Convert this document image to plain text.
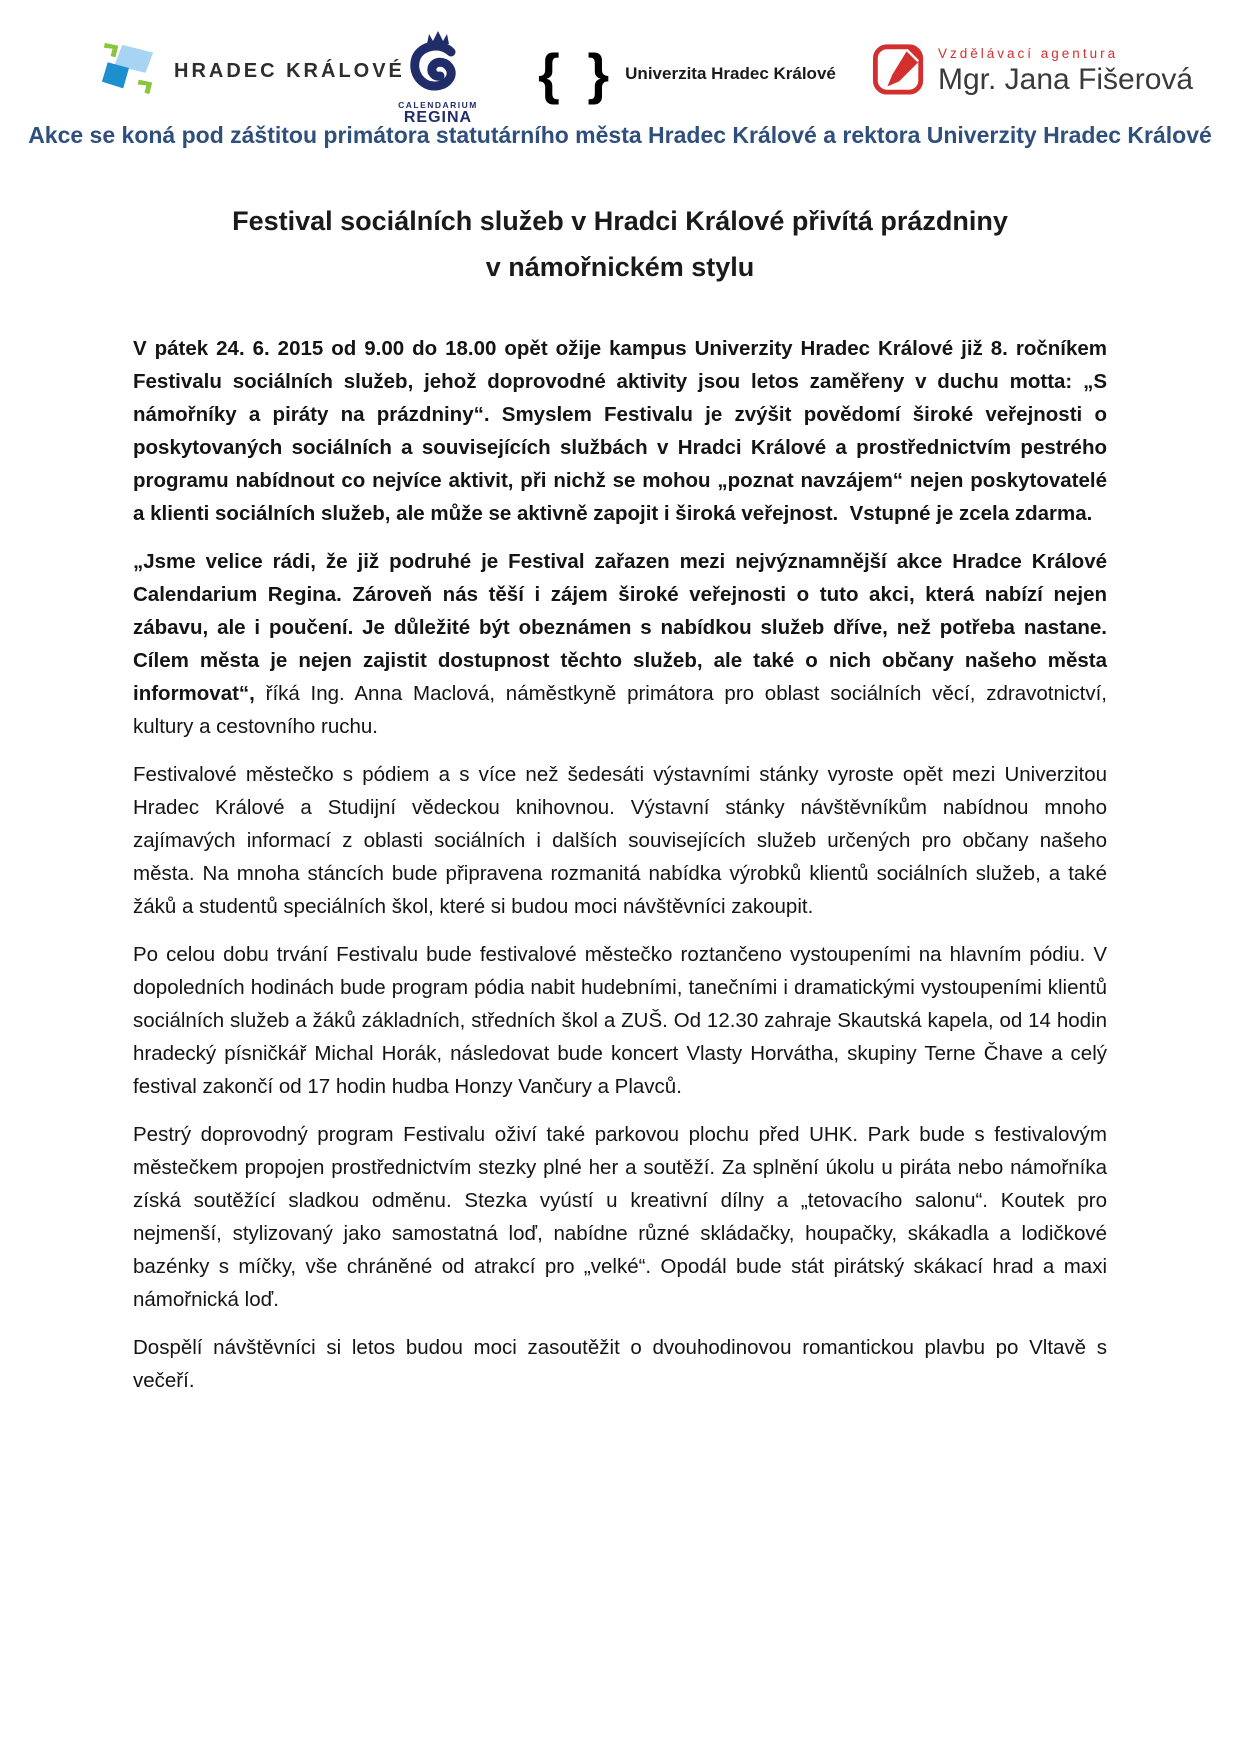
HRADEC KRÁLOVÉ
CALENDARIUM
REGINA
{ } Univerzita Hradec Králové
Vzdělávací agentura
Mgr. Jana Fišerová
Akce se koná pod záštitou primátora statutárního města Hradec Králové a rektora Univerzity Hradec Králové
Festival sociálních služeb v Hradci Králové přivítá prázdniny
v námořnickém stylu

V pátek 24. 6. 2015 od 9.00 do 18.00 opět ožije kampus Univerzity Hradec Králové již 8. ročníkem Festivalu sociálních služeb, jehož doprovodné aktivity jsou letos zaměřeny v duchu motta: „S námořníky a piráty na prázdniny“. Smyslem Festivalu je zvýšit povědomí široké veřejnosti o poskytovaných sociálních a souvisejících službách v Hradci Králové a prostřednictvím pestrého programu nabídnout co nejvíce aktivit, při nichž se mohou „poznat navzájem“ nejen poskytovatelé a klienti sociálních služeb, ale může se aktivně zapojit i široká veřejnost.  Vstupné je zcela zdarma.

„Jsme velice rádi, že již podruhé je Festival zařazen mezi nejvýznamnější akce Hradce Králové Calendarium Regina. Zároveň nás těší i zájem široké veřejnosti o tuto akci, která nabízí nejen zábavu, ale i poučení. Je důležité být obeznámen s nabídkou služeb dříve, než potřeba nastane. Cílem města je nejen zajistit dostupnost těchto služeb, ale také o nich občany našeho města informovat“, říká Ing. Anna Maclová, náměstkyně primátora pro oblast sociálních věcí, zdravotnictví, kultury a cestovního ruchu.

Festivalové městečko s pódiem a s více než šedesáti výstavními stánky vyroste opět mezi Univerzitou Hradec Králové a Studijní vědeckou knihovnou. Výstavní stánky návštěvníkům nabídnou mnoho zajímavých informací z oblasti sociálních i dalších souvisejících služeb určených pro občany našeho města. Na mnoha stáncích bude připravena rozmanitá nabídka výrobků klientů sociálních služeb, a také žáků a studentů speciálních škol, které si budou moci návštěvníci zakoupit.

Po celou dobu trvání Festivalu bude festivalové městečko roztančeno vystoupeními na hlavním pódiu. V dopoledních hodinách bude program pódia nabit hudebními, tanečními i dramatickými vystoupeními klientů sociálních služeb a žáků základních, středních škol a ZUŠ. Od 12.30 zahraje Skautská kapela, od 14 hodin hradecký písničkář Michal Horák, následovat bude koncert Vlasty Horvátha, skupiny Terne Čhave a celý festival zakončí od 17 hodin hudba Honzy Vančury a Plavců.

Pestrý doprovodný program Festivalu oživí také parkovou plochu před UHK. Park bude s festivalovým městečkem propojen prostřednictvím stezky plné her a soutěží. Za splnění úkolu u piráta nebo námořníka získá soutěžící sladkou odměnu. Stezka vyústí u kreativní dílny a „tetovacího salonu“. Koutek pro nejmenší, stylizovaný jako samostatná loď, nabídne různé skládačky, houpačky, skákadla a lodičkové bazénky s míčky, vše chráněné od atrakcí pro „velké“. Opodál bude stát pirátský skákací hrad a maxi námořnická loď.

Dospělí návštěvníci si letos budou moci zasoutěžit o dvouhodinovou romantickou plavbu po Vltavě s večeří.
